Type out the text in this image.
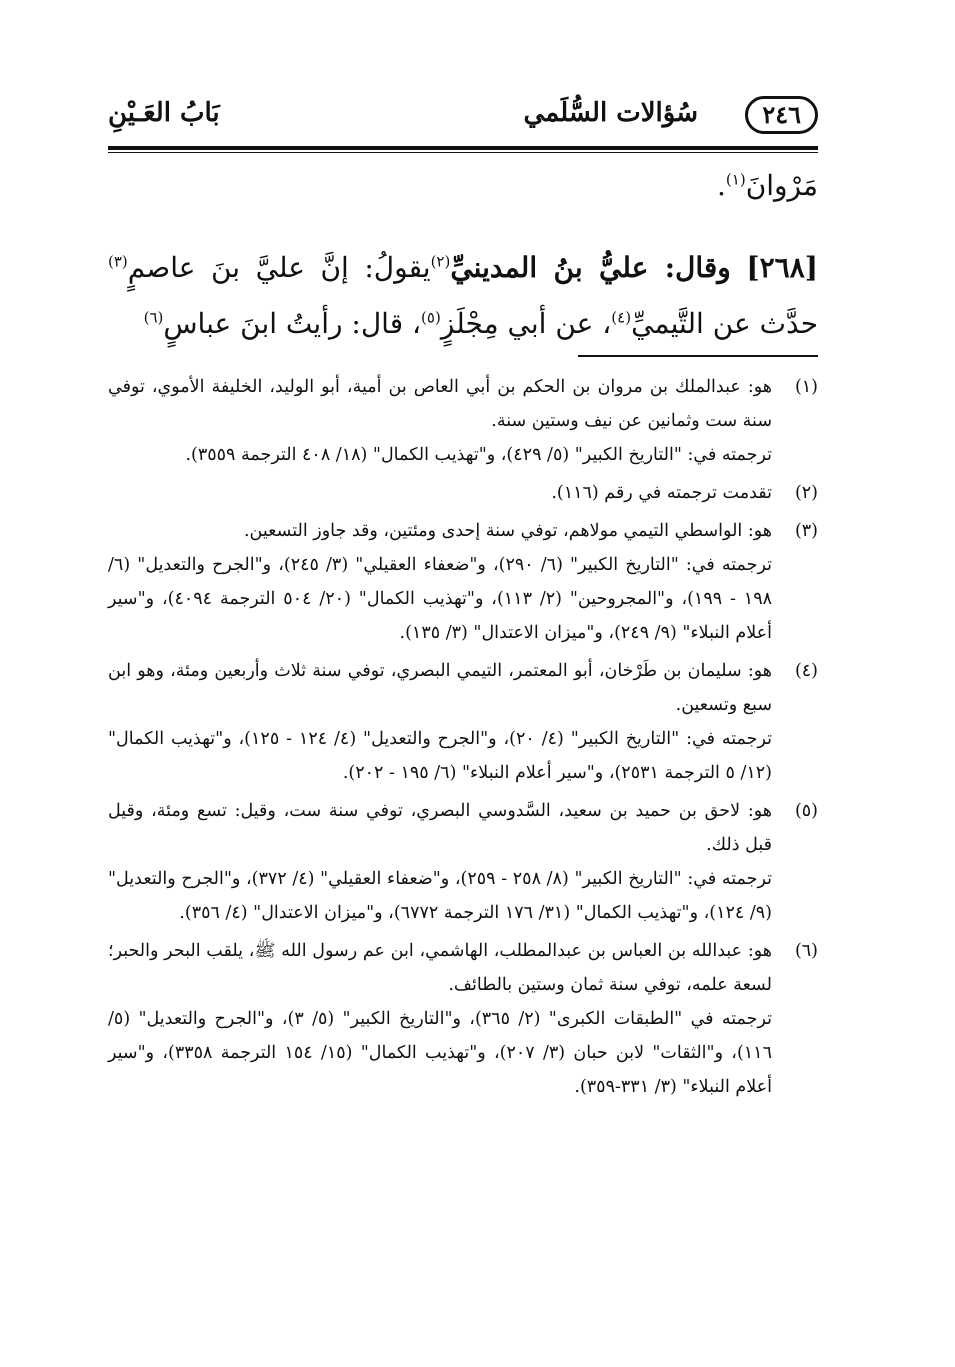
٢٤٦
سُؤالات السُّلَمي
بَابُ العَـيْنِ

مَرْوانَ$^{(١)}$.

[٢٦٨] وقال: عليُّ بنُ المدينيِّ$^{(٢)}$يقولُ: إنَّ عليَّ بنَ عاصمٍ$^{(٣)}$ حدَّث عن التَّيميِّ$^{(٤)}$، عن أبي مِجْلَزٍ$^{(٥)}$، قال: رأيتُ ابنَ عباسٍ$^{(٦)}$

(١)

هو: عبدالملك بن مروان بن الحكم بن أبي العاص بن أمية، أبو الوليد، الخليفة الأموي، توفي سنة ست وثمانين عن نيف وستين سنة.

ترجمته في: "التاريخ الكبير" (٥/ ٤٢٩)، و"تهذيب الكمال" (١٨/ ٤٠٨ الترجمة ٣٥٥٩).

(٢)

تقدمت ترجمته في رقم (١١٦).

(٣)

هو: الواسطي التيمي مولاهم، توفي سنة إحدى ومئتين، وقد جاوز التسعين.

ترجمته في: "التاريخ الكبير" (٦/ ٢٩٠)، و"ضعفاء العقيلي" (٣/ ٢٤٥)، و"الجرح والتعديل" (٦/ ١٩٨ - ١٩٩)، و"المجروحين" (٢/ ١١٣)، و"تهذيب الكمال" (٢٠/ ٥٠٤ الترجمة ٤٠٩٤)، و"سير أعلام النبلاء" (٩/ ٢٤٩)، و"ميزان الاعتدال" (٣/ ١٣٥).

(٤)

هو: سليمان بن طَرْخان، أبو المعتمر، التيمي البصري، توفي سنة ثلاث وأربعين ومئة، وهو ابن سبع وتسعين.

ترجمته في: "التاريخ الكبير" (٤/ ٢٠)، و"الجرح والتعديل" (٤/ ١٢٤ - ١٢٥)، و"تهذيب الكمال" (١٢/ ٥ الترجمة ٢٥٣١)، و"سير أعلام النبلاء" (٦/ ١٩٥ - ٢٠٢).

(٥)

هو: لاحق بن حميد بن سعيد، السَّدوسي البصري، توفي سنة ست، وقيل: تسع ومئة، وقيل قبل ذلك.

ترجمته في: "التاريخ الكبير" (٨/ ٢٥٨ - ٢٥٩)، و"ضعفاء العقيلي" (٤/ ٣٧٢)، و"الجرح والتعديل" (٩/ ١٢٤)، و"تهذيب الكمال" (٣١/ ١٧٦ الترجمة ٦٧٧٢)، و"ميزان الاعتدال" (٤/ ٣٥٦).

(٦)

هو: عبدالله بن العباس بن عبدالمطلب، الهاشمي، ابن عم رسول الله ﷺ، يلقب البحر والحبر؛ لسعة علمه، توفي سنة ثمان وستين بالطائف.

ترجمته في "الطبقات الكبرى" (٢/ ٣٦٥)، و"التاريخ الكبير" (٥/ ٣)، و"الجرح والتعديل" (٥/ ١١٦)، و"الثقات" لابن حبان (٣/ ٢٠٧)، و"تهذيب الكمال" (١٥/ ١٥٤ الترجمة ٣٣٥٨)، و"سير أعلام النبلاء" (٣/ ٣٣١-٣٥٩).
